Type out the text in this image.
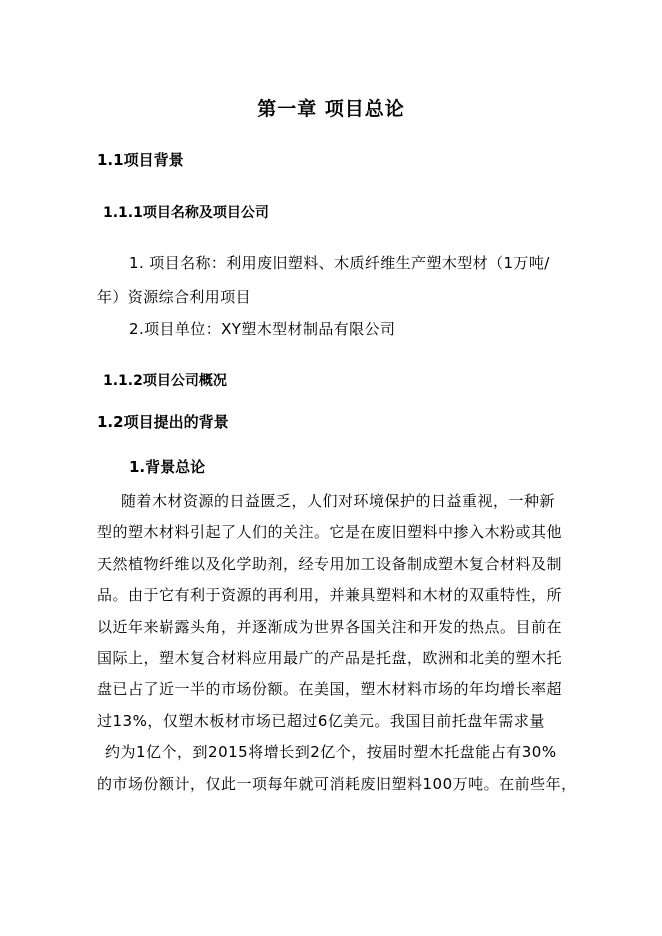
第一章 项目总论
1.1项目背景
1.1.1项目名称及项目公司
1. 项目名称：利用废旧塑料、木质纤维生产塑木型材（1万吨/
年）资源综合利用项目
2.项目单位：XY塑木型材制品有限公司
1.1.2项目公司概况
1.2项目提出的背景
1.背景总论
随着木材资源的日益匮乏，人们对环境保护的日益重视，一种新
型的塑木材料引起了人们的关注。它是在废旧塑料中掺入木粉或其他
天然植物纤维以及化学助剂，经专用加工设备制成塑木复合材料及制
品。由于它有利于资源的再利用，并兼具塑料和木材的双重特性，所
以近年来崭露头角，并逐渐成为世界各国关注和开发的热点。目前在
国际上，塑木复合材料应用最广的产品是托盘，欧洲和北美的塑木托
盘已占了近一半的市场份额。在美国，塑木材料市场的年均增长率超
过13%，仅塑木板材市场已超过6亿美元。我国目前托盘年需求量
约为1亿个，到2015将增长到2亿个，按届时塑木托盘能占有30%
的市场份额计，仅此一项每年就可消耗废旧塑料100万吨。在前些年，
